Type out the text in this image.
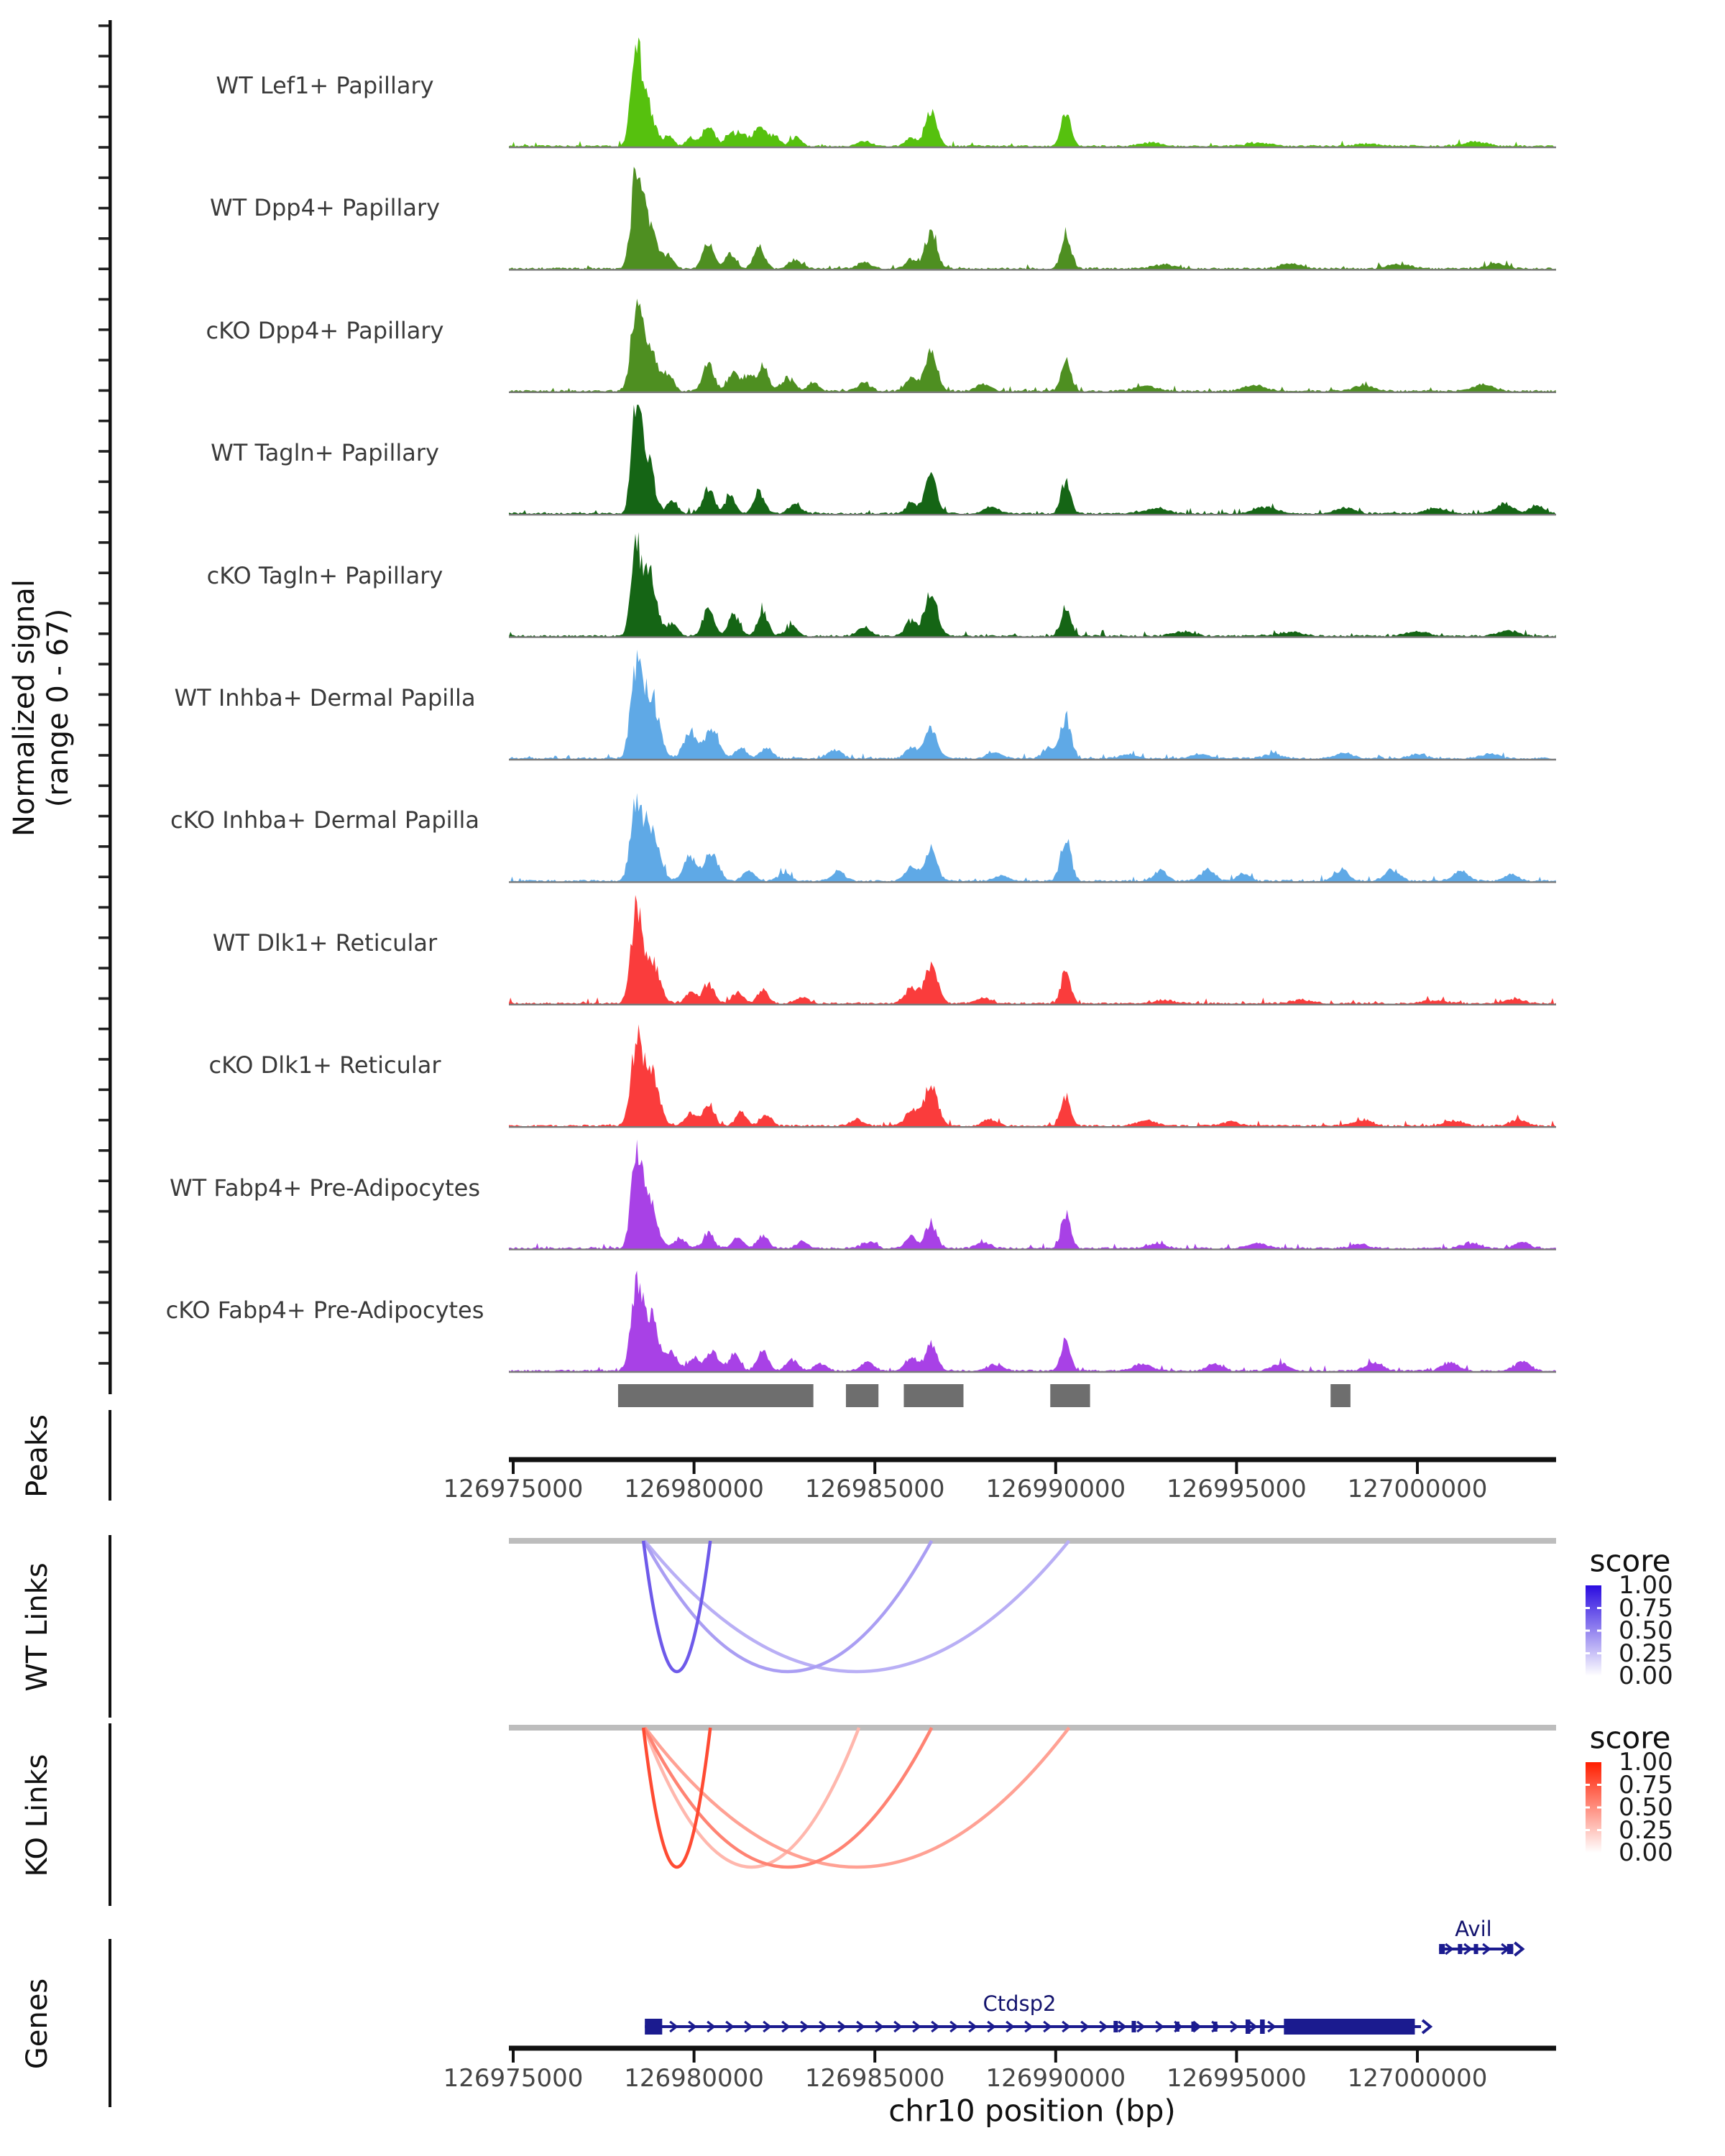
Normalized signal (range 0 - 67)
Peaks
WT Links
KO Links
Genes
score
score
chr10 position (bp)
WT Lef1+ Papillary
WT Dpp4+ Papillary
cKO Dpp4+ Papillary
WT Tagln+ Papillary
cKO Tagln+ Papillary
WT Inhba+ Dermal Papilla
cKO Inhba+ Dermal Papilla
WT Dlk1+ Reticular
cKO Dlk1+ Reticular
WT Fabp4+ Pre-Adipocytes
cKO Fabp4+ Pre-Adipocytes
126975000 126980000 126985000 126990000 126995000 127000000
126975000 126980000 126985000 126990000 126995000 127000000
1.00
0.75
0.50
0.25
0.00
1.00
0.75
0.50
0.25
0.00
Ctdsp2
Avil
